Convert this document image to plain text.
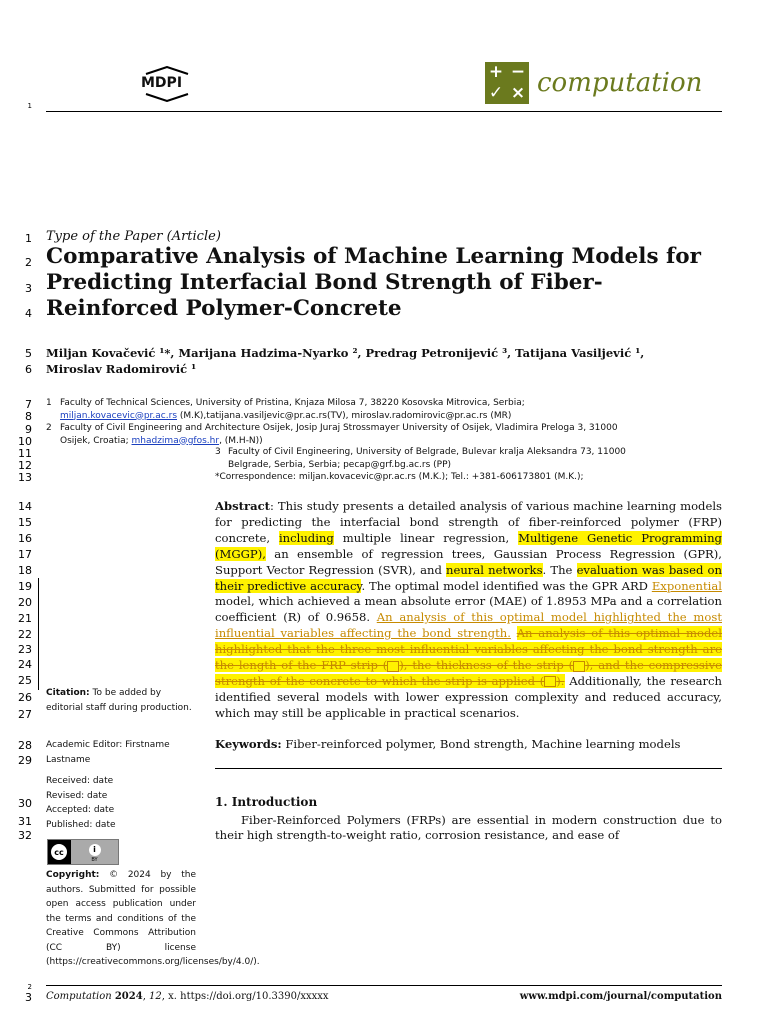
MDPI
+ −
✓ × computation
1
1
2
3
4
5
6
7
8
9
10
11
12
13
14
15
16
17
18
19
20
21
22
23
24
25
26
27
28
29
30
31
32
Type of the Paper (Article)
Comparative Analysis of Machine Learning Models for Predicting Interfacial Bond Strength of Fiber-Reinforced Polymer-Concrete
Miljan Kovačević ¹*, Marijana Hadzima-Nyarko ², Predrag Petronijević ³, Tatijana Vasiljević ¹,
Miroslav Radomirović ¹
1 Faculty of Technical Sciences, University of Pristina, Knjaza Milosa 7, 38220 Kosovska Mitrovica, Serbia;
miljan.kovacevic@pr.ac.rs (M.K),tatijana.vasiljevic@pr.ac.rs(TV), miroslav.radomirovic@pr.ac.rs (MR)
2 Faculty of Civil Engineering and Architecture Osijek, Josip Juraj Strossmayer University of Osijek, Vladimira Preloga 3, 31000
Osijek, Croatia; mhadzima@gfos.hr, (M.H-N))
3 Faculty of Civil Engineering, University of Belgrade, Bulevar kralja Aleksandra 73, 11000
Belgrade, Serbia, Serbia; pecap@grf.bg.ac.rs (PP)
*Correspondence: miljan.kovacevic@pr.ac.rs (M.K.); Tel.: +381-606173801 (M.K.);
Abstract: This study presents a detailed analysis of various machine learning models for predicting the interfacial bond strength of fiber-reinforced polymer (FRP) concrete, including multiple linear regression, Multigene Genetic Programming (MGGP), an ensemble of regression trees, Gaussian Process Regression (GPR), Support Vector Regression (SVR), and neural networks. The evaluation was based on their predictive accuracy. The optimal model identified was the GPR ARD Exponential model, which achieved a mean absolute error (MAE) of 1.8953 MPa and a correlation coefficient (R) of 0.9658. An analysis of this optimal model highlighted the most influential variables affecting the bond strength. An analysis of this optimal model highlighted that the three most influential variables affecting the bond strength are the length of the FRP strip ( ), the thickness of the strip ( ), and the compressive strength of the concrete to which the strip is applied ( ). Additionally, the research identified several models with lower expression complexity and reduced accuracy, which may still be applicable in practical scenarios.
Keywords: Fiber-reinforced polymer, Bond strength, Machine learning models
1. Introduction
Fiber-Reinforced Polymers (FRPs) are essential in modern construction due to their high strength-to-weight ratio, corrosion resistance, and ease of
Citation: To be added by editorial staff during production.
Academic Editor: Firstname Lastname
Received: date
Revised: date
Accepted: date
Published: date
cc	i
BY
Copyright: © 2024 by the authors. Submitted for possible open access publication under the terms and conditions of the Creative Commons Attribution (CC BY) license (https://creativecommons.org/licenses/by/4.0/).
2
3 Computation 2024, 12, x. https://doi.org/10.3390/xxxxx	www.mdpi.com/journal/computation
